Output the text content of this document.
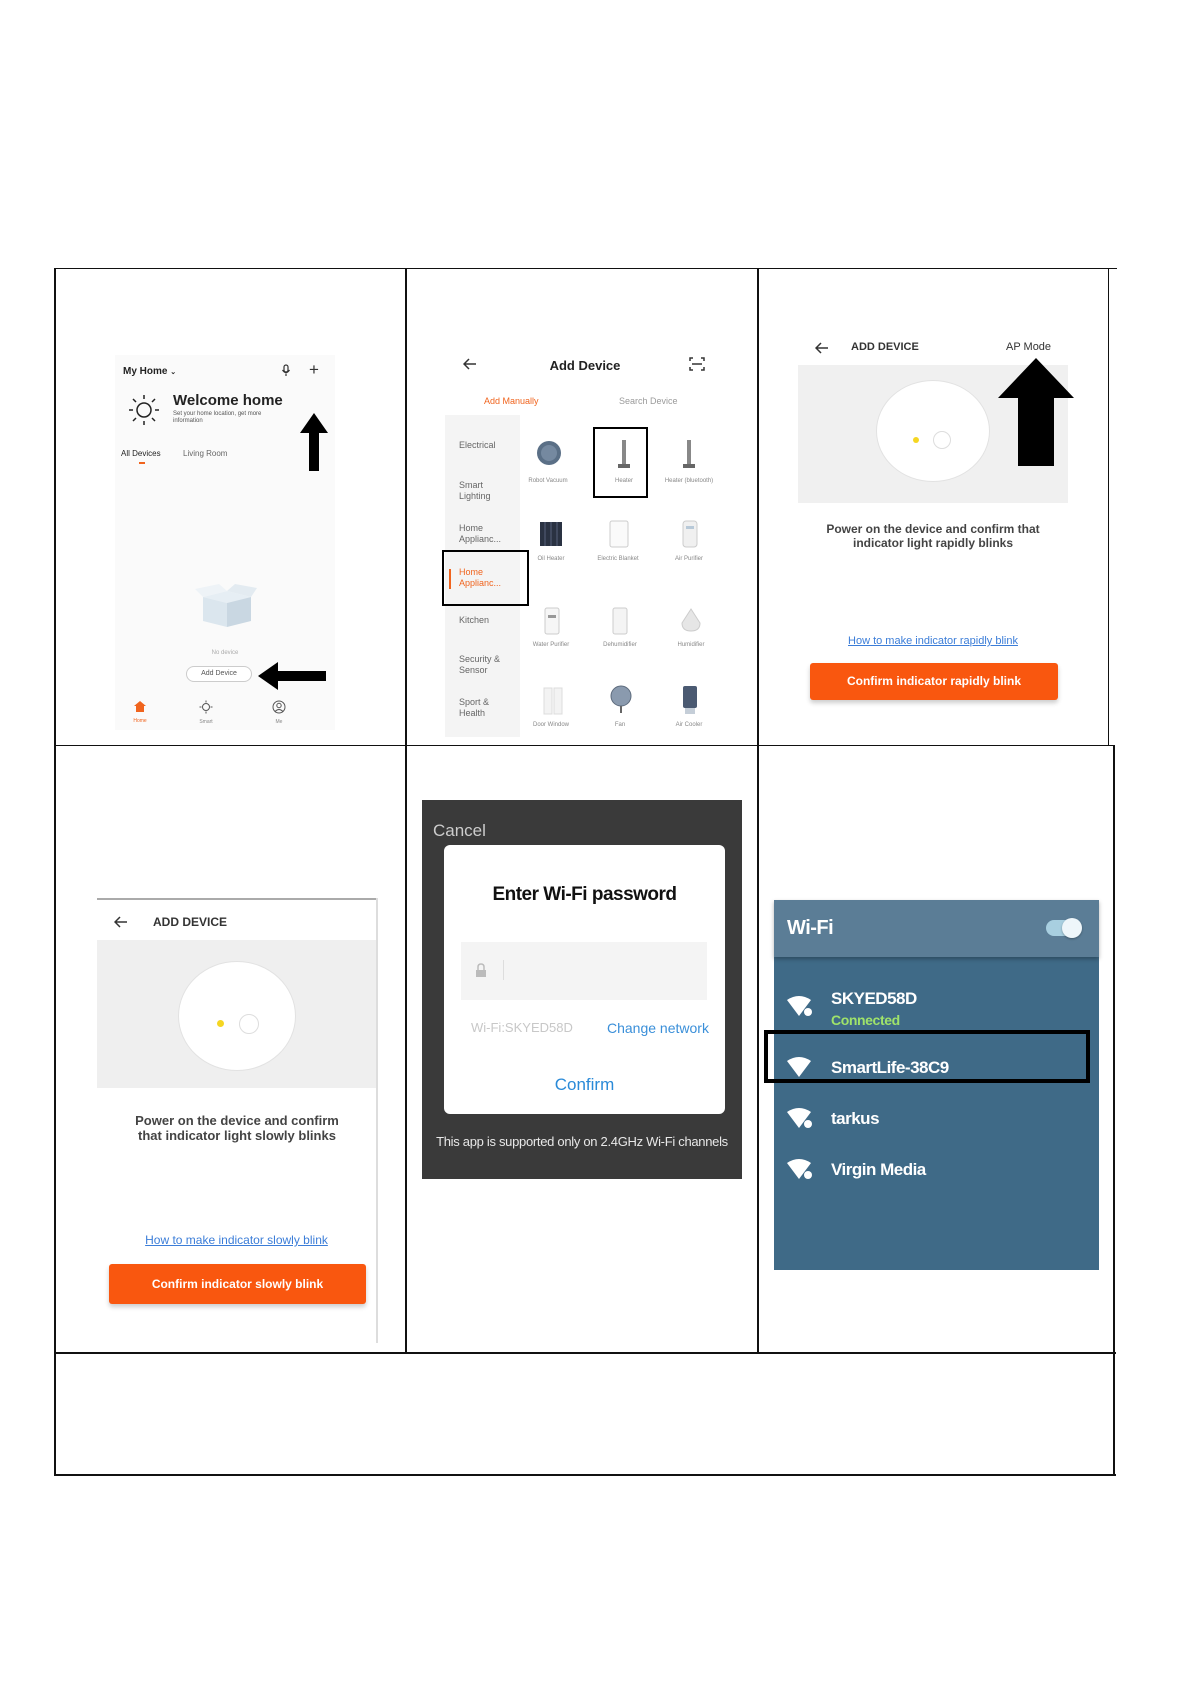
My Home ⌄	+
Welcome home
Set your home location, get more information
All Devices	Living Room
No device
Add Device
Home	Smart	Me
Add Device
Add Manually	Search Device
Electrical
Smart Lighting
Home Applianc...
Home Applianc...
Kitchen
Security & Sensor
Sport & Health
Robot Vacuum	Heater	Heater (bluetooth)
Oil Heater	Electric Blanket	Air Purifier
Water Purifier	Dehumidifier	Humidifier
Door Window	Fan	Air Cooler
ADD DEVICE	AP Mode
Power on the device and confirm that indicator light rapidly blinks
How to make indicator rapidly blink
Confirm indicator rapidly blink
ADD DEVICE
Power on the device and confirm that indicator light slowly blinks
How to make indicator slowly blink
Confirm indicator slowly blink
Cancel
Enter Wi-Fi password
Wi-Fi:SKYED58D Change network
Confirm
This app is supported only on 2.4GHz Wi-Fi channels
Wi-Fi
SKYED58D
Connected
SmartLife-38C9
tarkus
Virgin Media
